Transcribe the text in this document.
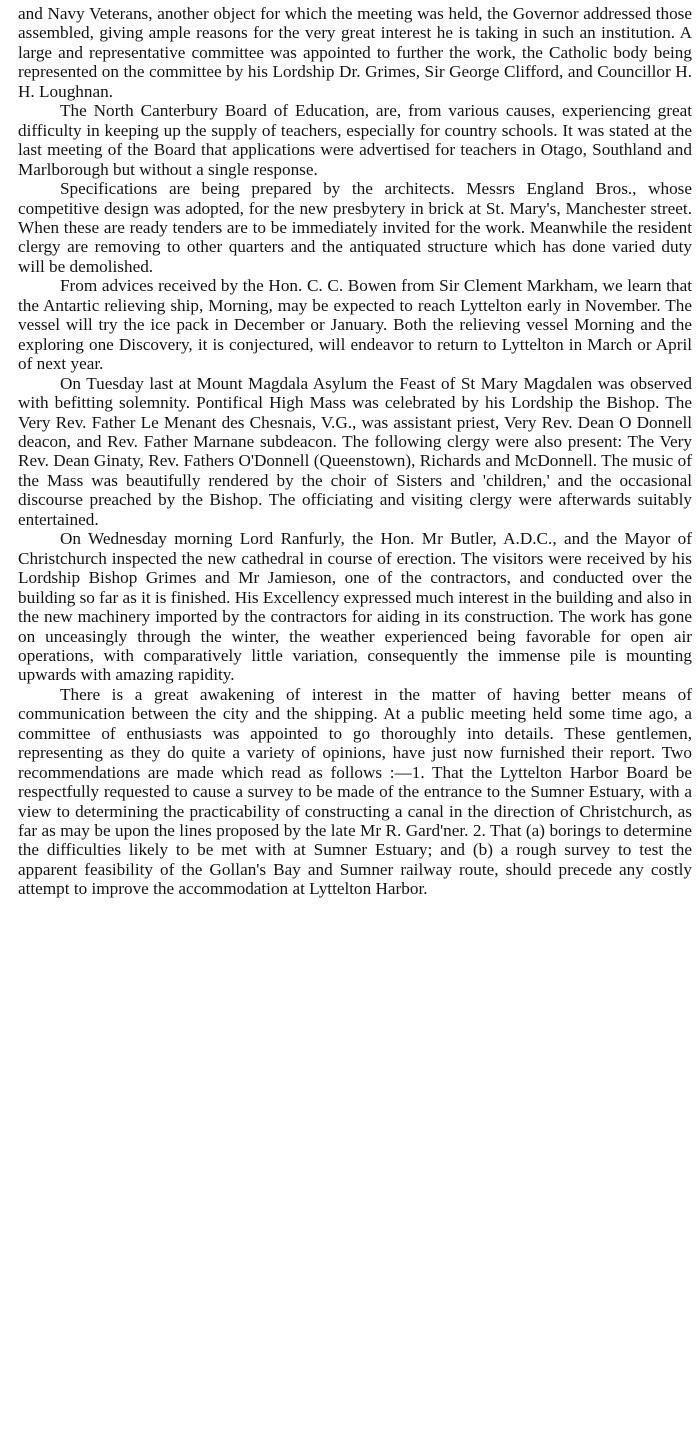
and Navy Veterans, another object for which the meeting was held, the Governor addressed those assembled, giving ample reasons for the very great interest he is taking in such an institution. A large and representative committee was appointed to further the work, the Catholic body being represented on the committee by his Lordship Dr. Grimes, Sir George Clifford, and Councillor H. H. Loughnan.

The North Canterbury Board of Education, are, from various causes, experiencing great difficulty in keeping up the supply of teachers, especially for country schools. It was stated at the last meeting of the Board that applications were advertised for teachers in Otago, Southland and Marlborough but without a single response.

Specifications are being prepared by the architects. Messrs England Bros., whose competitive design was adopted, for the new presbytery in brick at St. Mary's, Manchester street. When these are ready tenders are to be immediately invited for the work. Meanwhile the resident clergy are removing to other quarters and the antiquated structure which has done varied duty will be demolished.

From advices received by the Hon. C. C. Bowen from Sir Clement Markham, we learn that the Antartic relieving ship, Morning, may be expected to reach Lyttelton early in November. The vessel will try the ice pack in December or January. Both the relieving vessel Morning and the exploring one Discovery, it is conjectured, will endeavor to return to Lyttelton in March or April of next year.

On Tuesday last at Mount Magdala Asylum the Feast of St Mary Magdalen was observed with befitting solemnity. Pontifical High Mass was celebrated by his Lordship the Bishop. The Very Rev. Father Le Menant des Chesnais, V.G., was assistant priest, Very Rev. Dean O Donnell deacon, and Rev. Father Marnane subdeacon. The following clergy were also present: The Very Rev. Dean Ginaty, Rev. Fathers O'Donnell (Queenstown), Richards and McDonnell. The music of the Mass was beautifully rendered by the choir of Sisters and 'children,' and the occasional discourse preached by the Bishop. The officiating and visiting clergy were afterwards suitably entertained.

On Wednesday morning Lord Ranfurly, the Hon. Mr Butler, A.D.C., and the Mayor of Christchurch inspected the new cathedral in course of erection. The visitors were received by his Lordship Bishop Grimes and Mr Jamieson, one of the contractors, and conducted over the building so far as it is finished. His Excellency expressed much interest in the building and also in the new machinery imported by the contractors for aiding in its construction. The work has gone on unceasingly through the winter, the weather experienced being favorable for open air operations, with comparatively little variation, consequently the immense pile is mounting upwards with amazing rapidity.

There is a great awakening of interest in the matter of having better means of communication between the city and the shipping. At a public meeting held some time ago, a committee of enthusiasts was appointed to go thoroughly into details. These gentlemen, representing as they do quite a variety of opinions, have just now furnished their report. Two recommendations are made which read as follows :—1. That the Lyttelton Harbor Board be respectfully requested to cause a survey to be made of the entrance to the Sumner Estuary, with a view to determining the practicability of constructing a canal in the direction of Christchurch, as far as may be upon the lines proposed by the late Mr R. Gard'ner. 2. That (a) borings to determine the difficulties likely to be met with at Sumner Estuary; and (b) a rough survey to test the apparent feasibility of the Gollan's Bay and Sumner railway route, should precede any costly attempt to improve the accommodation at Lyttelton Harbor.
